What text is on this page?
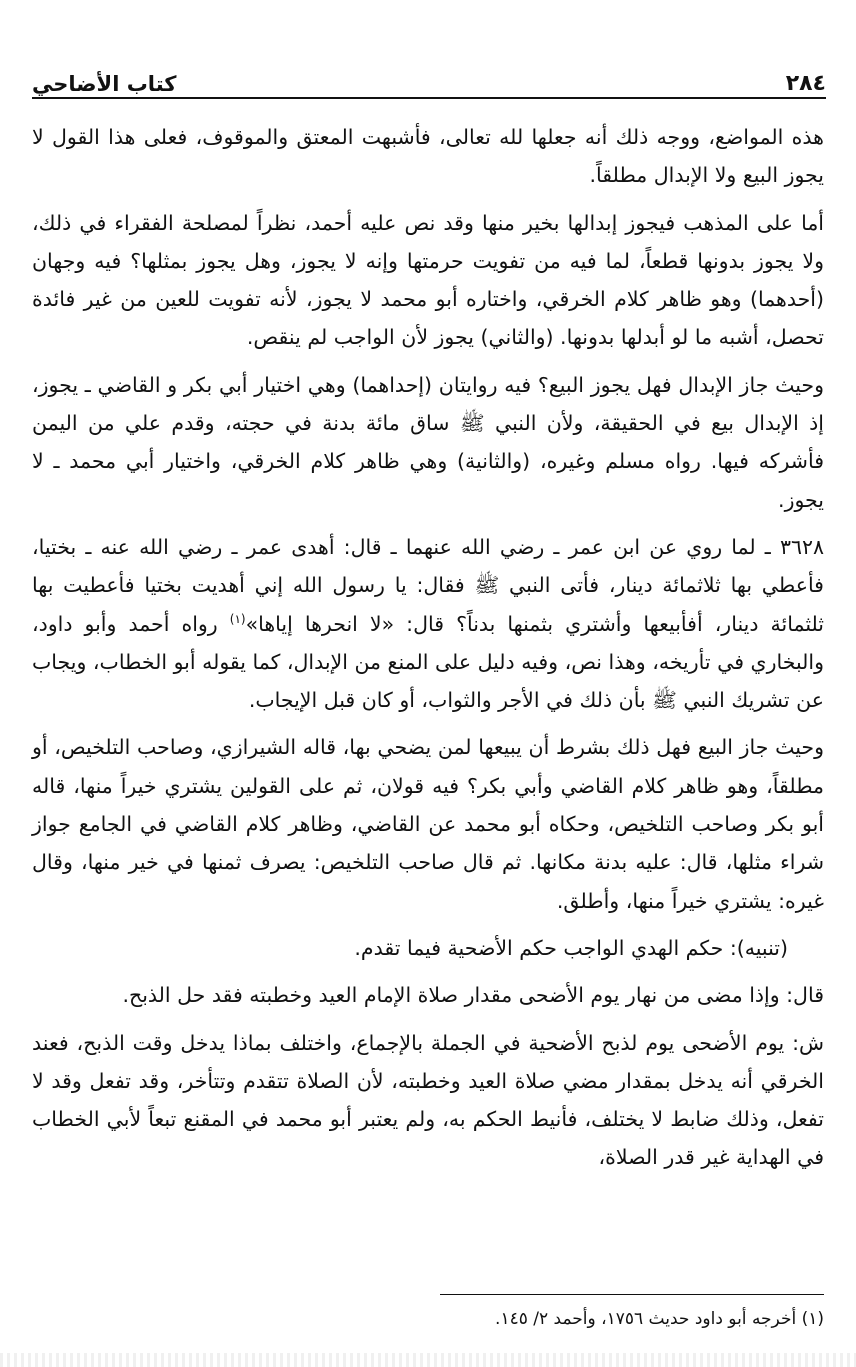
٢٨٤
كتاب الأضاحي

هذه المواضع، ووجه ذلك أنه جعلها لله تعالى، فأشبهت المعتق والموقوف، فعلى هذا القول لا يجوز البيع ولا الإبدال مطلقاً.

أما على المذهب فيجوز إبدالها بخير منها وقد نص عليه أحمد، نظراً لمصلحة الفقراء في ذلك، ولا يجوز بدونها قطعاً، لما فيه من تفويت حرمتها وإنه لا يجوز، وهل يجوز بمثلها؟ فيه وجهان (أحدهما) وهو ظاهر كلام الخرقي، واختاره أبو محمد لا يجوز، لأنه تفويت للعين من غير فائدة تحصل، أشبه ما لو أبدلها بدونها. (والثاني) يجوز لأن الواجب لم ينقص.

وحيث جاز الإبدال فهل يجوز البيع؟ فيه روايتان (إحداهما) وهي اختيار أبي بكر و القاضي ـ يجوز، إذ الإبدال بيع في الحقيقة، ولأن النبي ﷺ ساق مائة بدنة في حجته، وقدم علي من اليمن فأشركه فيها. رواه مسلم وغيره، (والثانية) وهي ظاهر كلام الخرقي، واختيار أبي محمد ـ لا يجوز.

٣٦٢٨ ـ لما روي عن ابن عمر ـ رضي الله عنهما ـ قال: أهدى عمر ـ رضي الله عنه ـ بختيا، فأعطي بها ثلاثمائة دينار، فأتى النبي ﷺ فقال: يا رسول الله إني أهديت بختيا فأعطيت بها ثلثمائة دينار، أفأبيعها وأشتري بثمنها بدناً؟ قال: «لا انحرها إياها»$^{(١)}$ رواه أحمد وأبو داود، والبخاري في تأريخه، وهذا نص، وفيه دليل على المنع من الإبدال، كما يقوله أبو الخطاب، ويجاب عن تشريك النبي ﷺ بأن ذلك في الأجر والثواب، أو كان قبل الإيجاب.

وحيث جاز البيع فهل ذلك بشرط أن يبيعها لمن يضحي بها، قاله الشيرازي، وصاحب التلخيص، أو مطلقاً، وهو ظاهر كلام القاضي وأبي بكر؟ فيه قولان، ثم على القولين يشتري خيراً منها، قاله أبو بكر وصاحب التلخيص، وحكاه أبو محمد عن القاضي، وظاهر كلام القاضي في الجامع جواز شراء مثلها، قال: عليه بدنة مكانها. ثم قال صاحب التلخيص: يصرف ثمنها في خير منها، وقال غيره: يشتري خيراً منها، وأطلق.

(تنبيه): حكم الهدي الواجب حكم الأضحية فيما تقدم.

قال: وإذا مضى من نهار يوم الأضحى مقدار صلاة الإمام العيد وخطبته فقد حل الذبح.

ش: يوم الأضحى يوم لذبح الأضحية في الجملة بالإجماع، واختلف بماذا يدخل وقت الذبح، فعند الخرقي أنه يدخل بمقدار مضي صلاة العيد وخطبته، لأن الصلاة تتقدم وتتأخر، وقد تفعل وقد لا تفعل، وذلك ضابط لا يختلف، فأنيط الحكم به، ولم يعتبر أبو محمد في المقنع تبعاً لأبي الخطاب في الهداية غير قدر الصلاة،

(١) أخرجه أبو داود حديث ١٧٥٦، وأحمد ٢/ ١٤٥.
